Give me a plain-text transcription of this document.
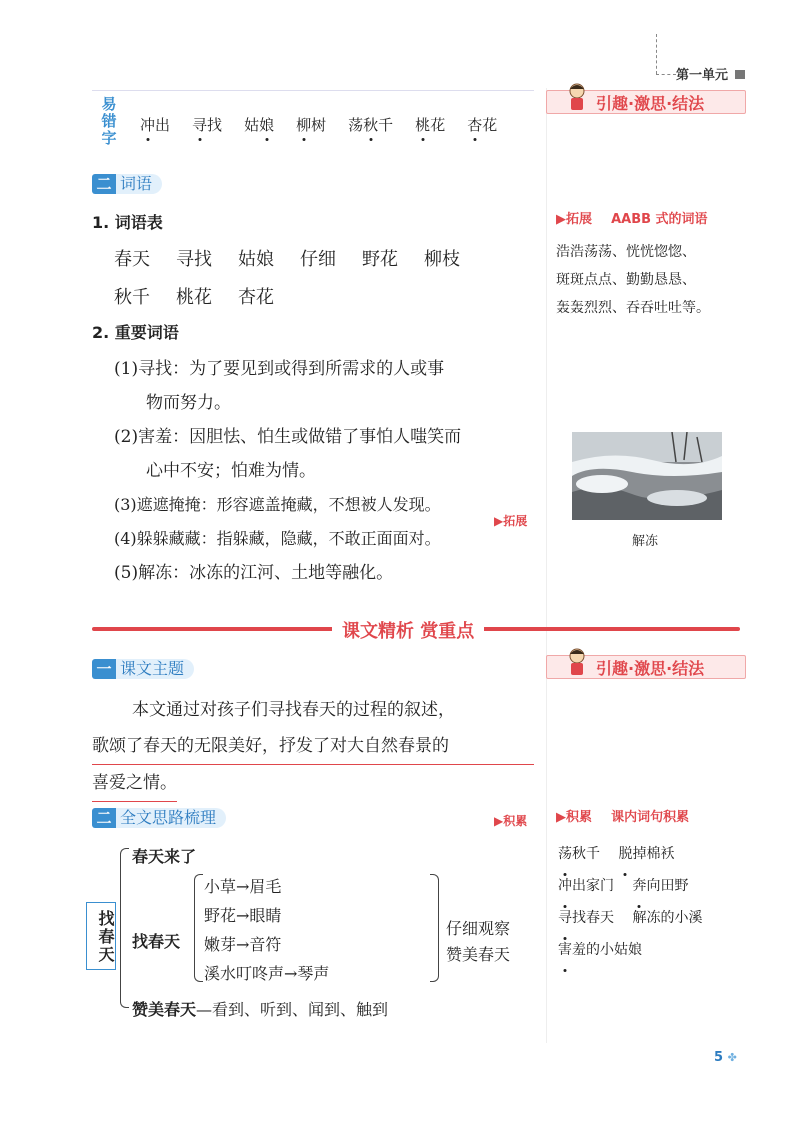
第一单元
易
错
字
冲出 寻找 姑娘 柳树 荡秋千 桃花 杏花
引趣·激思·结法
▶拓展 AABB 式的词语
浩浩荡荡、恍恍惚惚、
斑斑点点、勤勤恳恳、
轰轰烈烈、吞吞吐吐等。
解冻
二 词语
1. 词语表
春天 寻找 姑娘 仔细 野花 柳枝
秋千 桃花 杏花
2. 重要词语
(1)寻找：为了要见到或得到所需求的人或事
物而努力。
(2)害羞：因胆怯、怕生或做错了事怕人嗤笑而
心中不安；怕难为情。
(3)遮遮掩掩：形容遮盖掩藏，不想被人发现。
(4)躲躲藏藏：指躲藏，隐藏，不敢正面面对。
(5)解冻：冰冻的江河、土地等融化。
▶拓展
课文精析 赏重点
引趣·激思·结法
一 课文主题
本文通过对孩子们寻找春天的过程的叙述，
歌颂了春天的无限美好，抒发了对大自然春景的
喜爱之情。
二 全文思路梳理	▶积累
找春天
春天来了
找春天
小草→眉毛
野花→眼睛
嫩芽→音符
溪水叮咚声→琴声
仔细观察
赞美春天
赞美春天—看到、听到、闻到、触到
▶积累 课内词句积累
荡秋千 脱掉棉袄
冲出家门 奔向田野
寻找春天 解冻的小溪
害羞的小姑娘
5 ✤
